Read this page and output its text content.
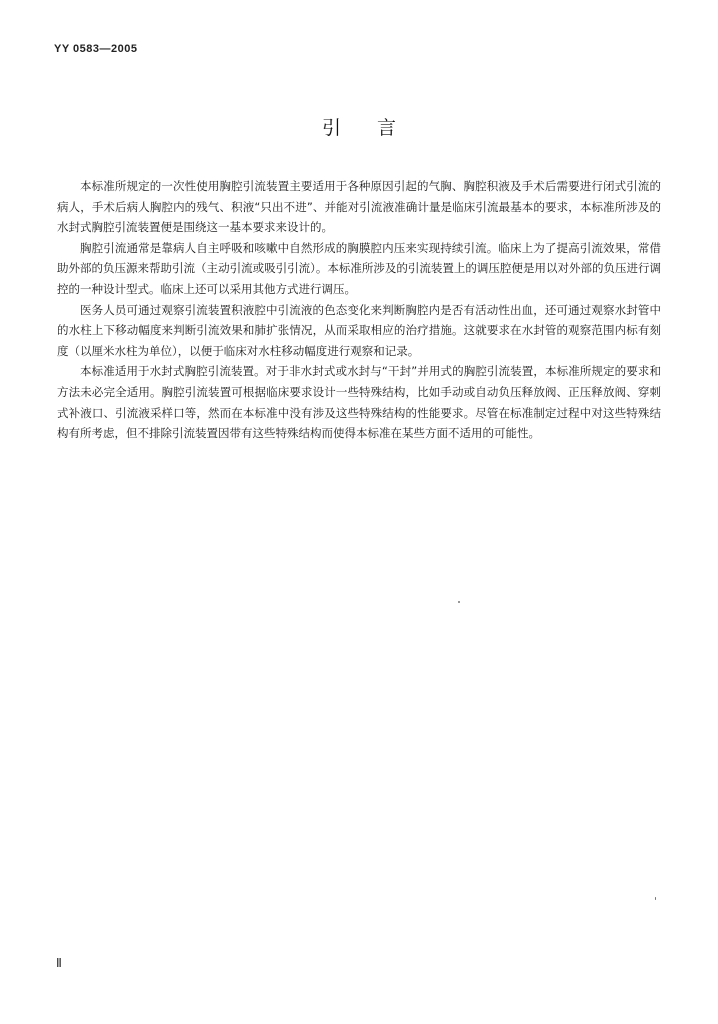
YY 0583—2005
引言

本标准所规定的一次性使用胸腔引流装置主要适用于各种原因引起的气胸、胸腔积液及手术后需要进行闭式引流的病人，手术后病人胸腔内的残气、积液“只出不进”、并能对引流液准确计量是临床引流最基本的要求，本标准所涉及的水封式胸腔引流装置便是围绕这一基本要求来设计的。

胸腔引流通常是靠病人自主呼吸和咳嗽中自然形成的胸膜腔内压来实现持续引流。临床上为了提高引流效果，常借助外部的负压源来帮助引流（主动引流或吸引引流）。本标准所涉及的引流装置上的调压腔便是用以对外部的负压进行调控的一种设计型式。临床上还可以采用其他方式进行调压。

医务人员可通过观察引流装置积液腔中引流液的色态变化来判断胸腔内是否有活动性出血，还可通过观察水封管中的水柱上下移动幅度来判断引流效果和肺扩张情况，从而采取相应的治疗措施。这就要求在水封管的观察范围内标有刻度（以厘米水柱为单位），以便于临床对水柱移动幅度进行观察和记录。

本标准适用于水封式胸腔引流装置。对于非水封式或水封与“干封”并用式的胸腔引流装置，本标准所规定的要求和方法未必完全适用。胸腔引流装置可根据临床要求设计一些特殊结构，比如手动或自动负压释放阀、正压释放阀、穿刺式补液口、引流液采样口等，然而在本标准中没有涉及这些特殊结构的性能要求。尽管在标准制定过程中对这些特殊结构有所考虑，但不排除引流装置因带有这些特殊结构而使得本标准在某些方面不适用的可能性。

Ⅱ
